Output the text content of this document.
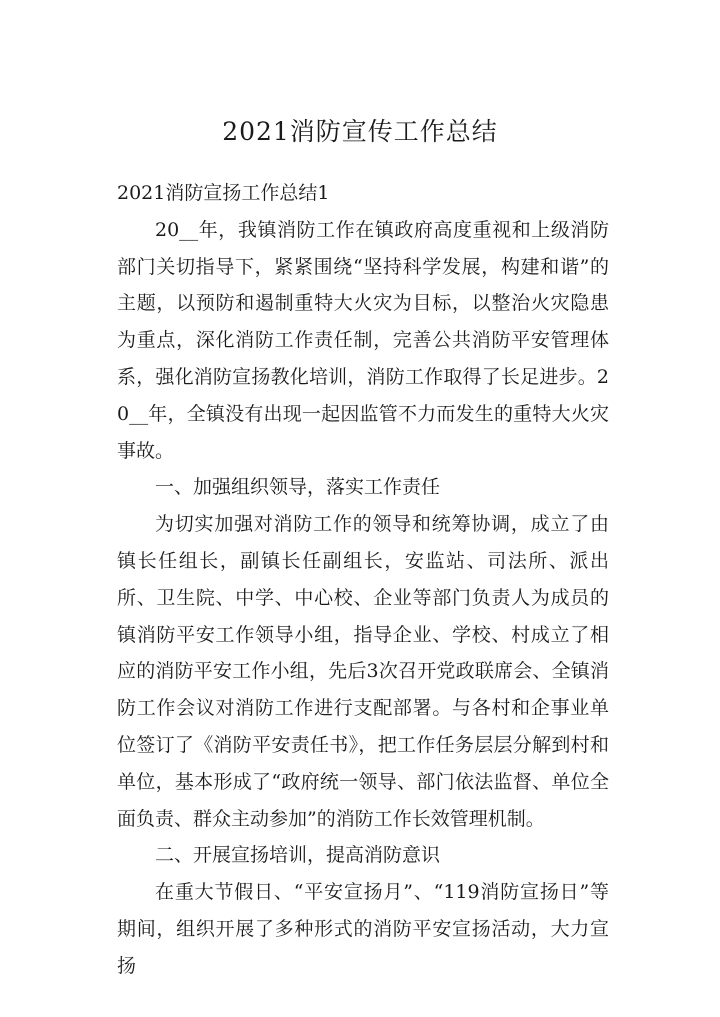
2021消防宣传工作总结

2021消防宣扬工作总结1

20__年，我镇消防工作在镇政府高度重视和上级消防部门关切指导下，紧紧围绕“坚持科学发展，构建和谐”的主题，以预防和遏制重特大火灾为目标，以整治火灾隐患为重点，深化消防工作责任制，完善公共消防平安管理体系，强化消防宣扬教化培训，消防工作取得了长足进步。20__年，全镇没有出现一起因监管不力而发生的重特大火灾事故。

一、加强组织领导，落实工作责任

为切实加强对消防工作的领导和统筹协调，成立了由镇长任组长，副镇长任副组长，安监站、司法所、派出所、卫生院、中学、中心校、企业等部门负责人为成员的镇消防平安工作领导小组，指导企业、学校、村成立了相应的消防平安工作小组，先后3次召开党政联席会、全镇消防工作会议对消防工作进行支配部署。与各村和企事业单位签订了《消防平安责任书》，把工作任务层层分解到村和单位，基本形成了“政府统一领导、部门依法监督、单位全面负责、群众主动参加”的消防工作长效管理机制。

二、开展宣扬培训，提高消防意识

在重大节假日、“平安宣扬月”、“119消防宣扬日”等期间，组织开展了多种形式的消防平安宣扬活动，大力宣扬
